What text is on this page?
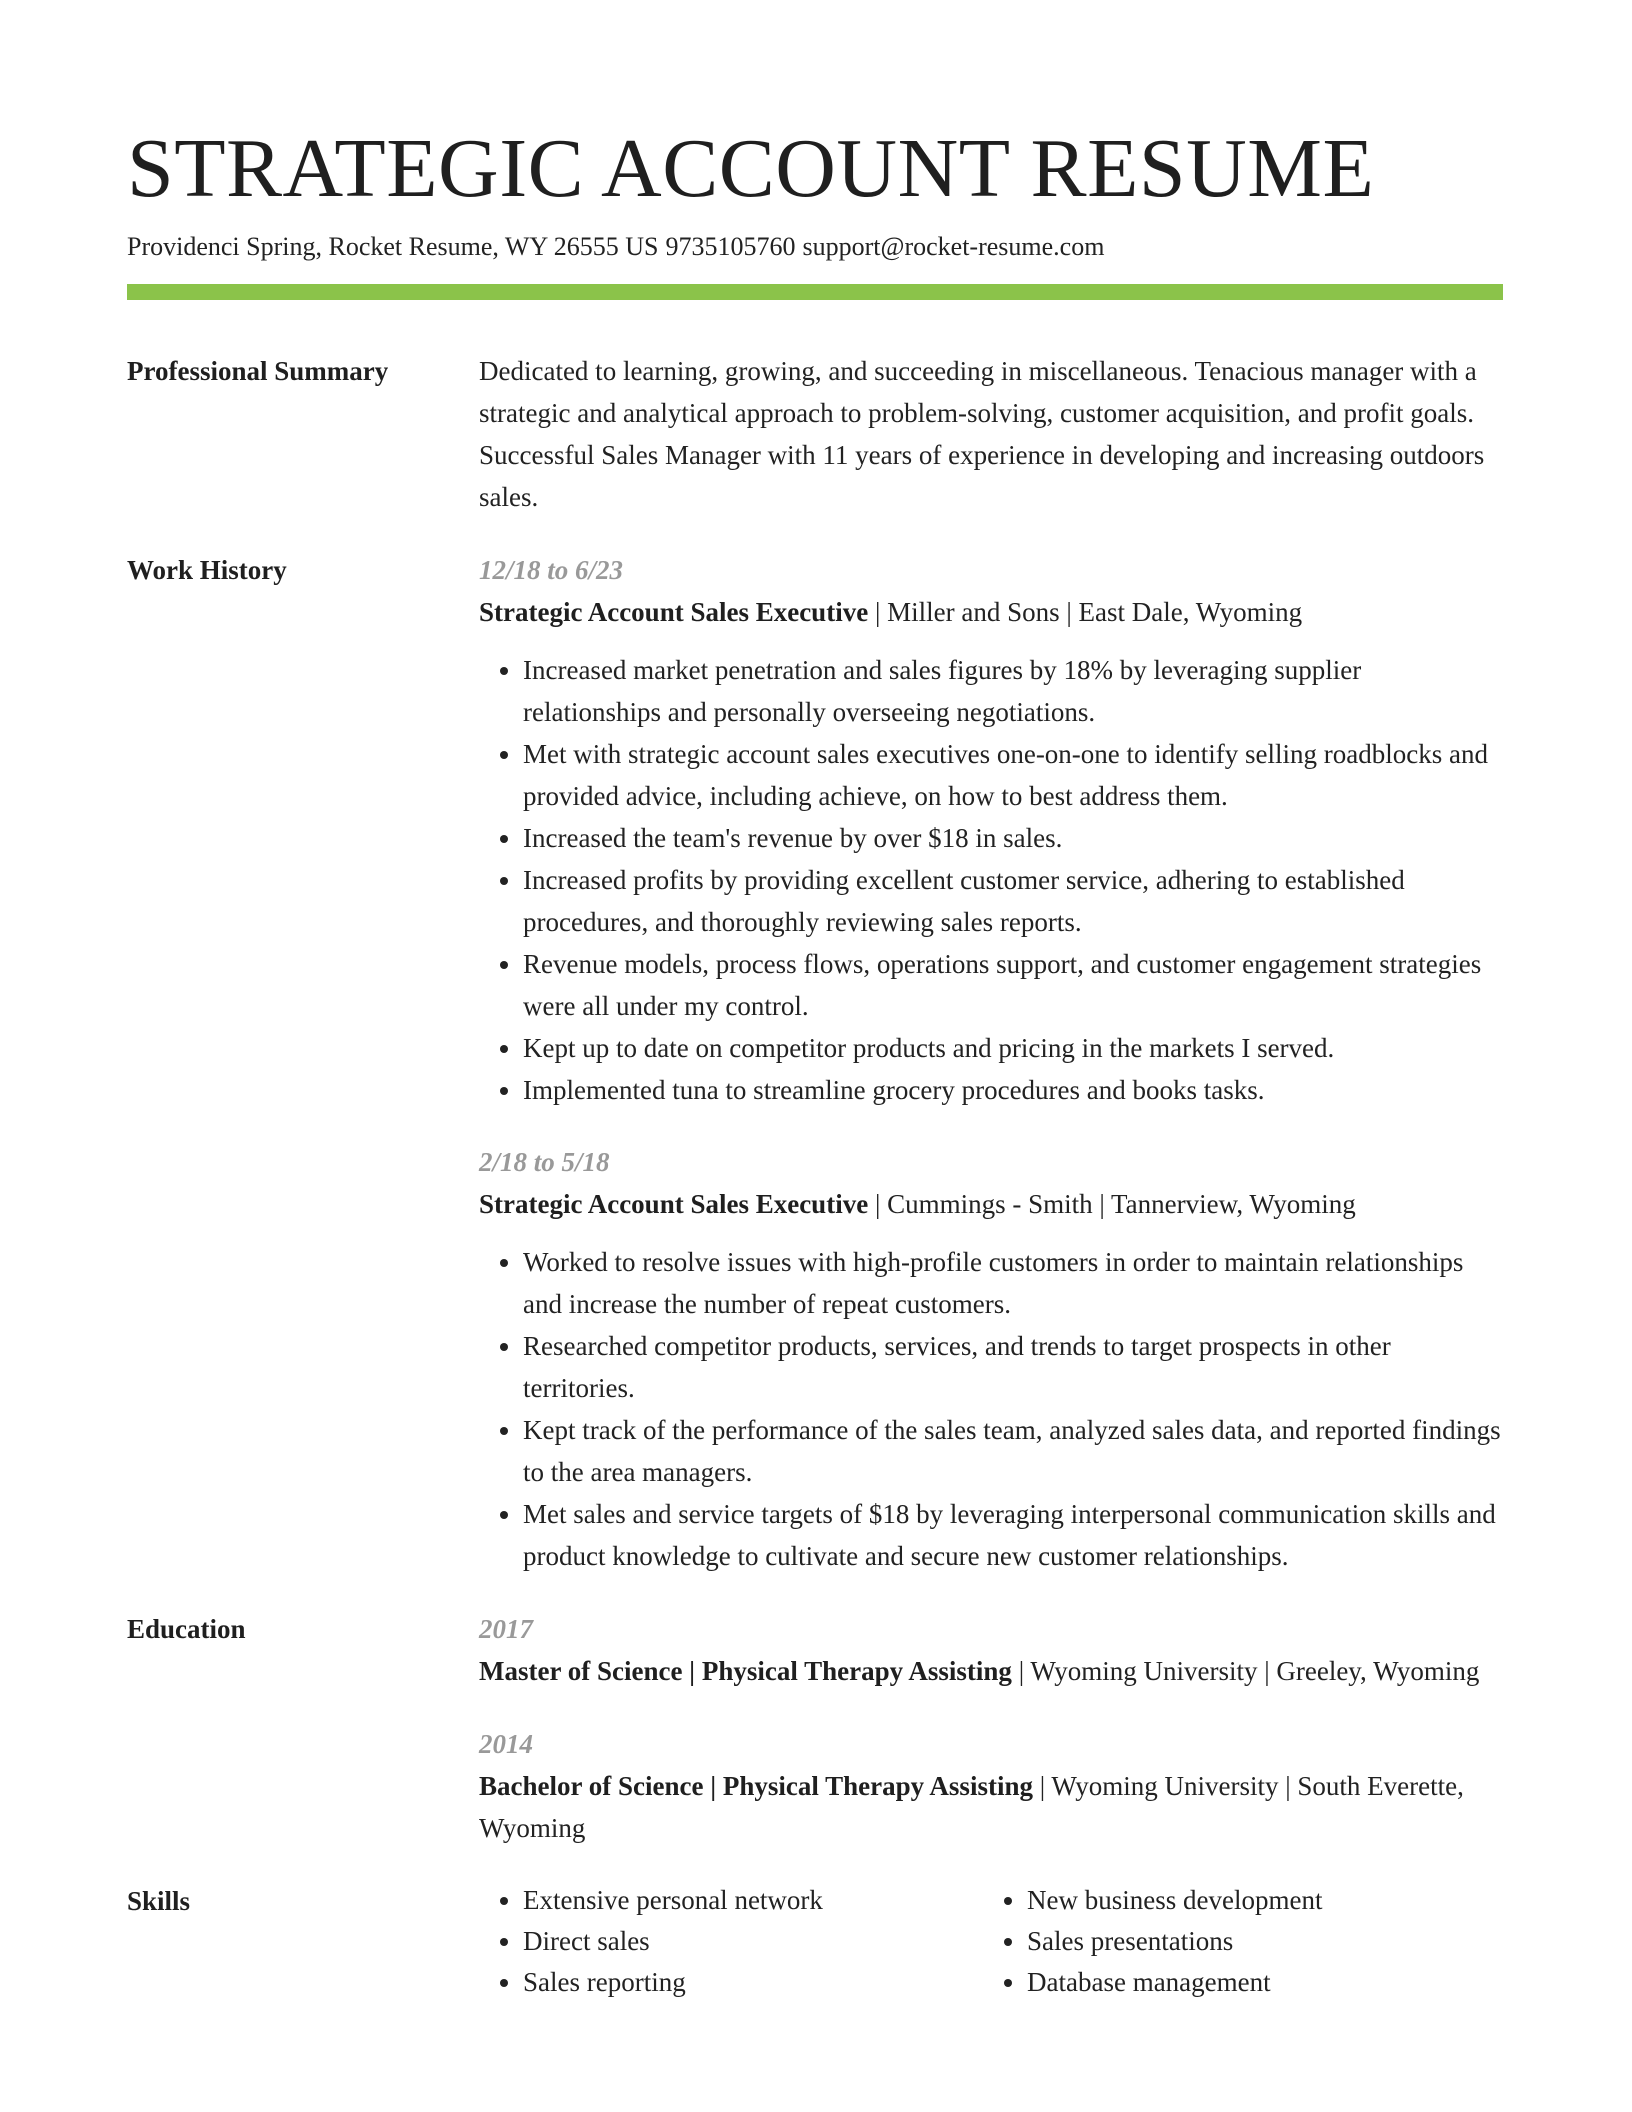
STRATEGIC ACCOUNT RESUME
Providenci Spring, Rocket Resume, WY 26555 US 9735105760 support@rocket-resume.com
Professional Summary	Dedicated to learning, growing, and succeeding in miscellaneous. Tenacious manager with a strategic and analytical approach to problem-solving, customer acquisition, and profit goals. Successful Sales Manager with 11 years of experience in developing and increasing outdoors sales.

Work History	12/18 to 6/23
Strategic Account Sales Executive | Miller and Sons | East Dale, Wyoming
• Increased market penetration and sales figures by 18% by leveraging supplier relationships and personally overseeing negotiations.
• Met with strategic account sales executives one-on-one to identify selling roadblocks and provided advice, including achieve, on how to best address them.
• Increased the team's revenue by over $18 in sales.
• Increased profits by providing excellent customer service, adhering to established procedures, and thoroughly reviewing sales reports.
• Revenue models, process flows, operations support, and customer engagement strategies were all under my control.
• Kept up to date on competitor products and pricing in the markets I served.
• Implemented tuna to streamline grocery procedures and books tasks.
2/18 to 5/18
Strategic Account Sales Executive | Cummings - Smith | Tannerview, Wyoming
• Worked to resolve issues with high-profile customers in order to maintain relationships and increase the number of repeat customers.
• Researched competitor products, services, and trends to target prospects in other territories.
• Kept track of the performance of the sales team, analyzed sales data, and reported findings to the area managers.
• Met sales and service targets of $18 by leveraging interpersonal communication skills and product knowledge to cultivate and secure new customer relationships.
Education	2017
Master of Science | Physical Therapy Assisting | Wyoming University | Greeley, Wyoming
2014
Bachelor of Science | Physical Therapy Assisting | Wyoming University | South Everette, Wyoming
Skills
•	Extensive personal network
• Direct sales
• Sales reporting
• New business development
• Sales presentations
• Database management
